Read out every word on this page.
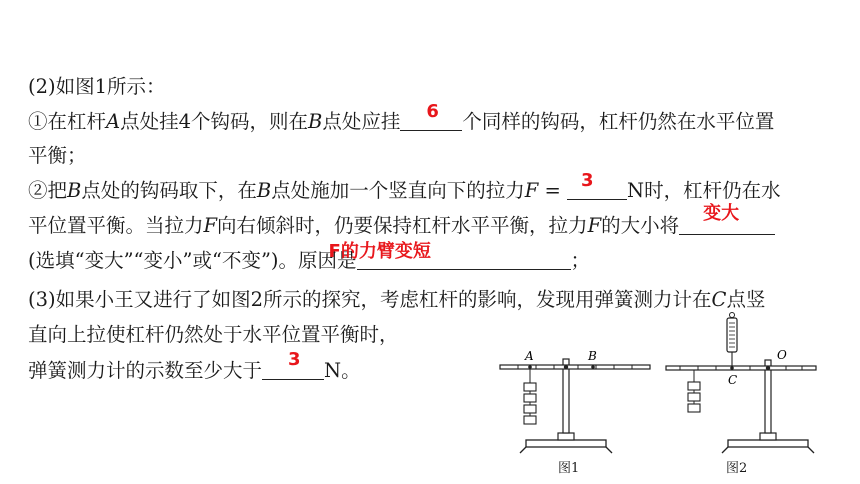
(2)如图1所示：
①在杠杆A点处挂4个钩码，则在B点处应挂 6 个同样的钩码，杠杆仍然在水平位置
平衡；
②把B点处的钩码取下，在B点处施加一个竖直向下的拉力F = 3 N时，杠杆仍在水
平位置平衡。当拉力F向右倾斜时，仍要保持杠杆水平平衡，拉力F的大小将
变大
(选填“变大”“变小”或“不变”)。原因是
F的力臂变短	；
(3)如果小王又进行了如图2所示的探究，考虑杠杆的影响，发现用弹簧测力计在C点竖
直向上拉使杠杆仍然处于水平位置平衡时，
弹簧测力计的示数至少大于 3 N。
A	B
图1
C
O
图2
